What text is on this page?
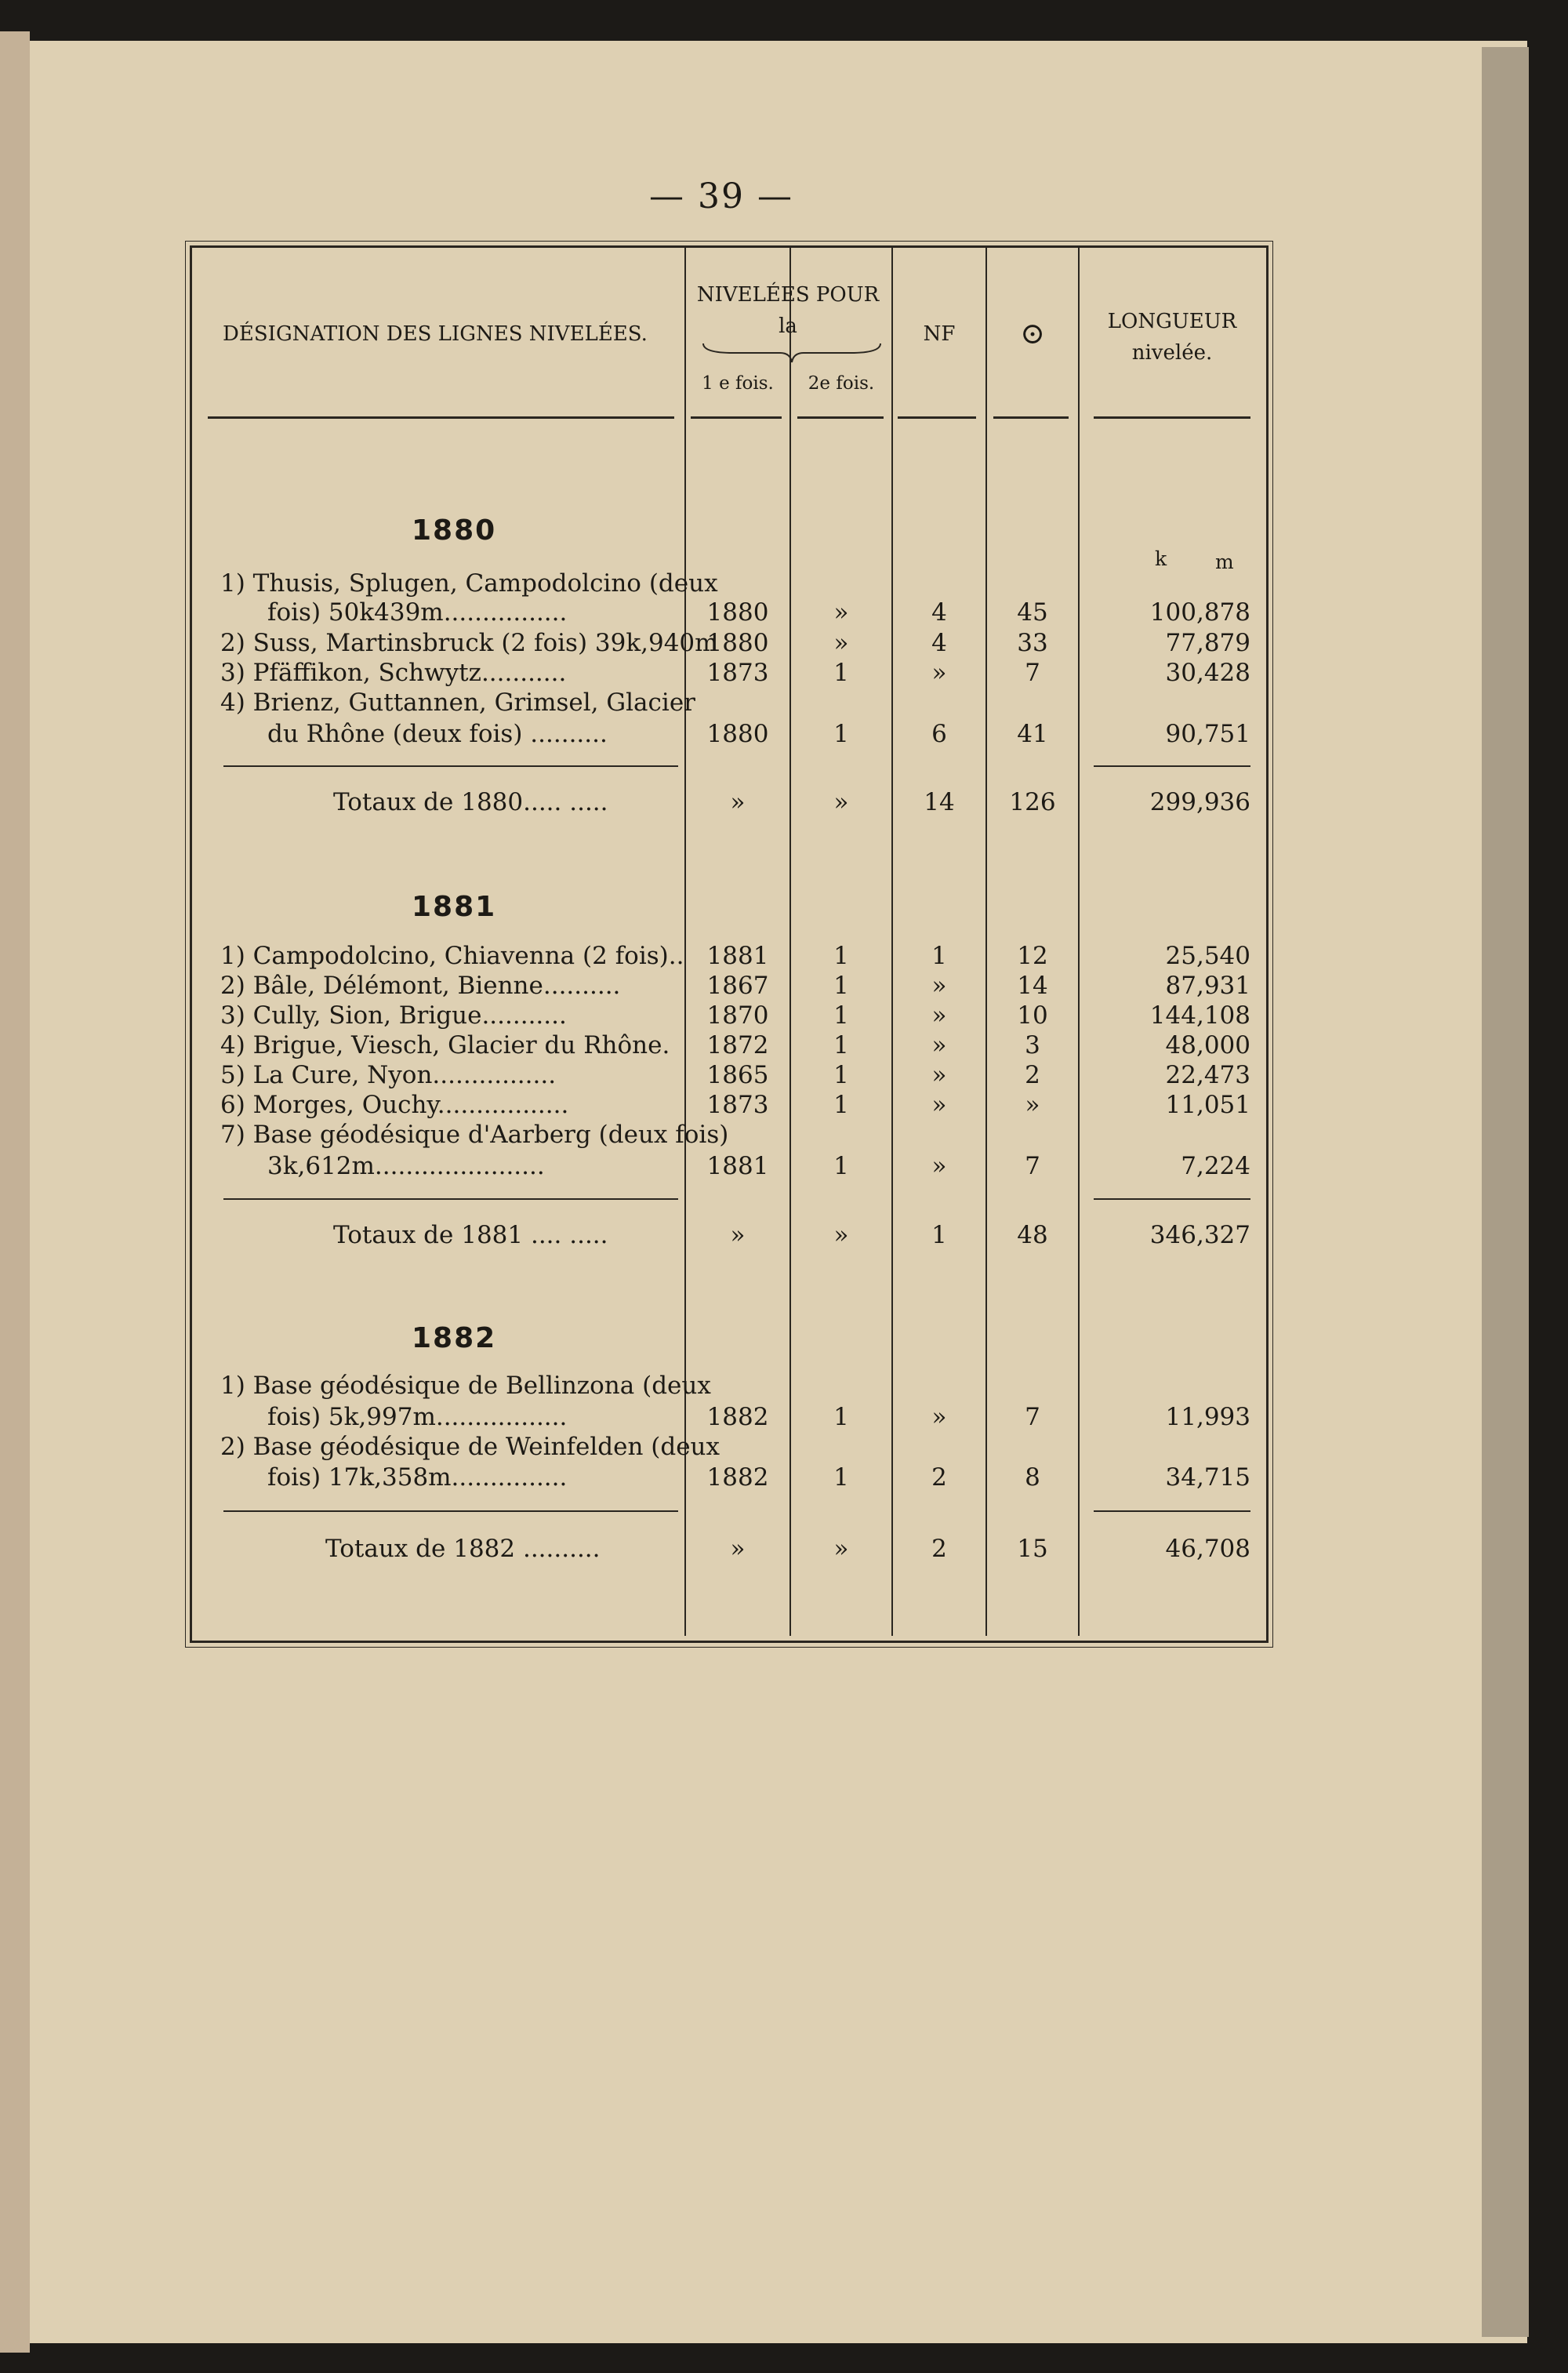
— 39 —
DÉSIGNATION DES LIGNES NIVELÉES.
NIVELÉES POUR
la
1 e fois.	2e fois.
NF	⊙	LONGUEUR
nivelée.
1880
k m
1) Thusis, Splugen, Campodolcino (deux
fois) 50k439m................	1880	»	4	45	100,878
2) Suss, Martinsbruck (2 fois) 39k,940m
1880	»	4	33	77,879
3) Pfäffikon, Schwytz...........	1873	1	»	7	30,428
4) Brienz, Guttannen, Grimsel, Glacier
du Rhône (deux fois) ..........	1880	1	6	41	90,751
Totaux de 1880..... .....	»	»	14	126	299,936
1881
1) Campodolcino, Chiavenna (2 fois).. 1881	1	1	12	25,540
2) Bâle, Délémont, Bienne..........	1867	1	»	14	87,931
3) Cully, Sion, Brigue...........	1870	1	»	10	144,108
4) Brigue, Viesch, Glacier du Rhône.	1872	1	»	3	48,000
5) La Cure, Nyon................	1865	1	»	2	22,473
6) Morges, Ouchy.................	1873	1	»	»	11,051
7) Base géodésique d'Aarberg (deux fois)
3k,612m......................	1881	1	»	7	7,224
Totaux de 1881 .... .....	»	»	1	48	346,327
1882
1) Base géodésique de Bellinzona (deux
fois) 5k,997m.................	1882	1	»	7	11,993
2) Base géodésique de Weinfelden (deux
fois) 17k,358m...............	1882	1	2	8	34,715
Totaux de 1882 ..........	»	»	2	15	46,708
